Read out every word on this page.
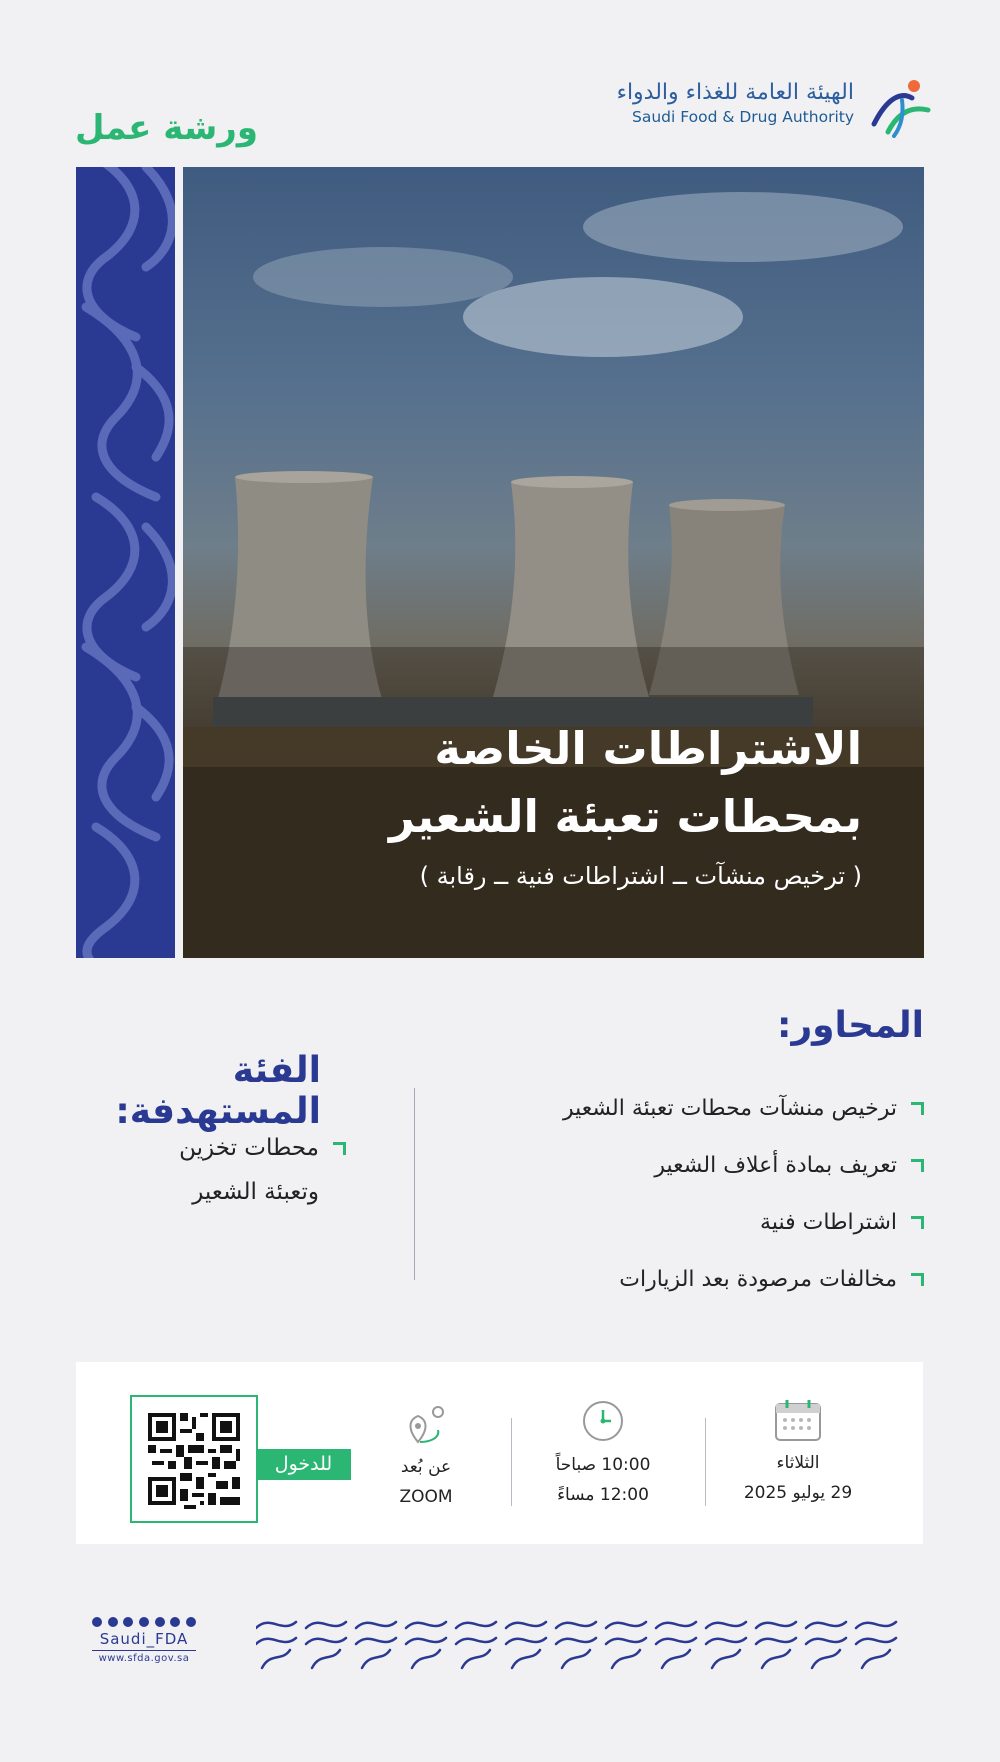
ورشة عمل
الهيئة العامة للغذاء والدواء
Saudi Food & Drug Authority
الاشتراطات الخاصة
بمحطات تعبئة الشعير
( ترخيص منشآت ــ اشتراطات فنية ــ رقابة )
المحاور:
ترخيص منشآت محطات تعبئة الشعير
تعريف بمادة أعلاف الشعير
اشتراطات فنية
مخالفات مرصودة بعد الزيارات
الفئة المستهدفة:
محطات تخزين
وتعبئة الشعير
الثلاثاء
29 يوليو 2025
10:00 صباحاً
12:00 مساءً
عن بُعد
ZOOM
للدخول
Saudi_FDA
www.sfda.gov.sa
